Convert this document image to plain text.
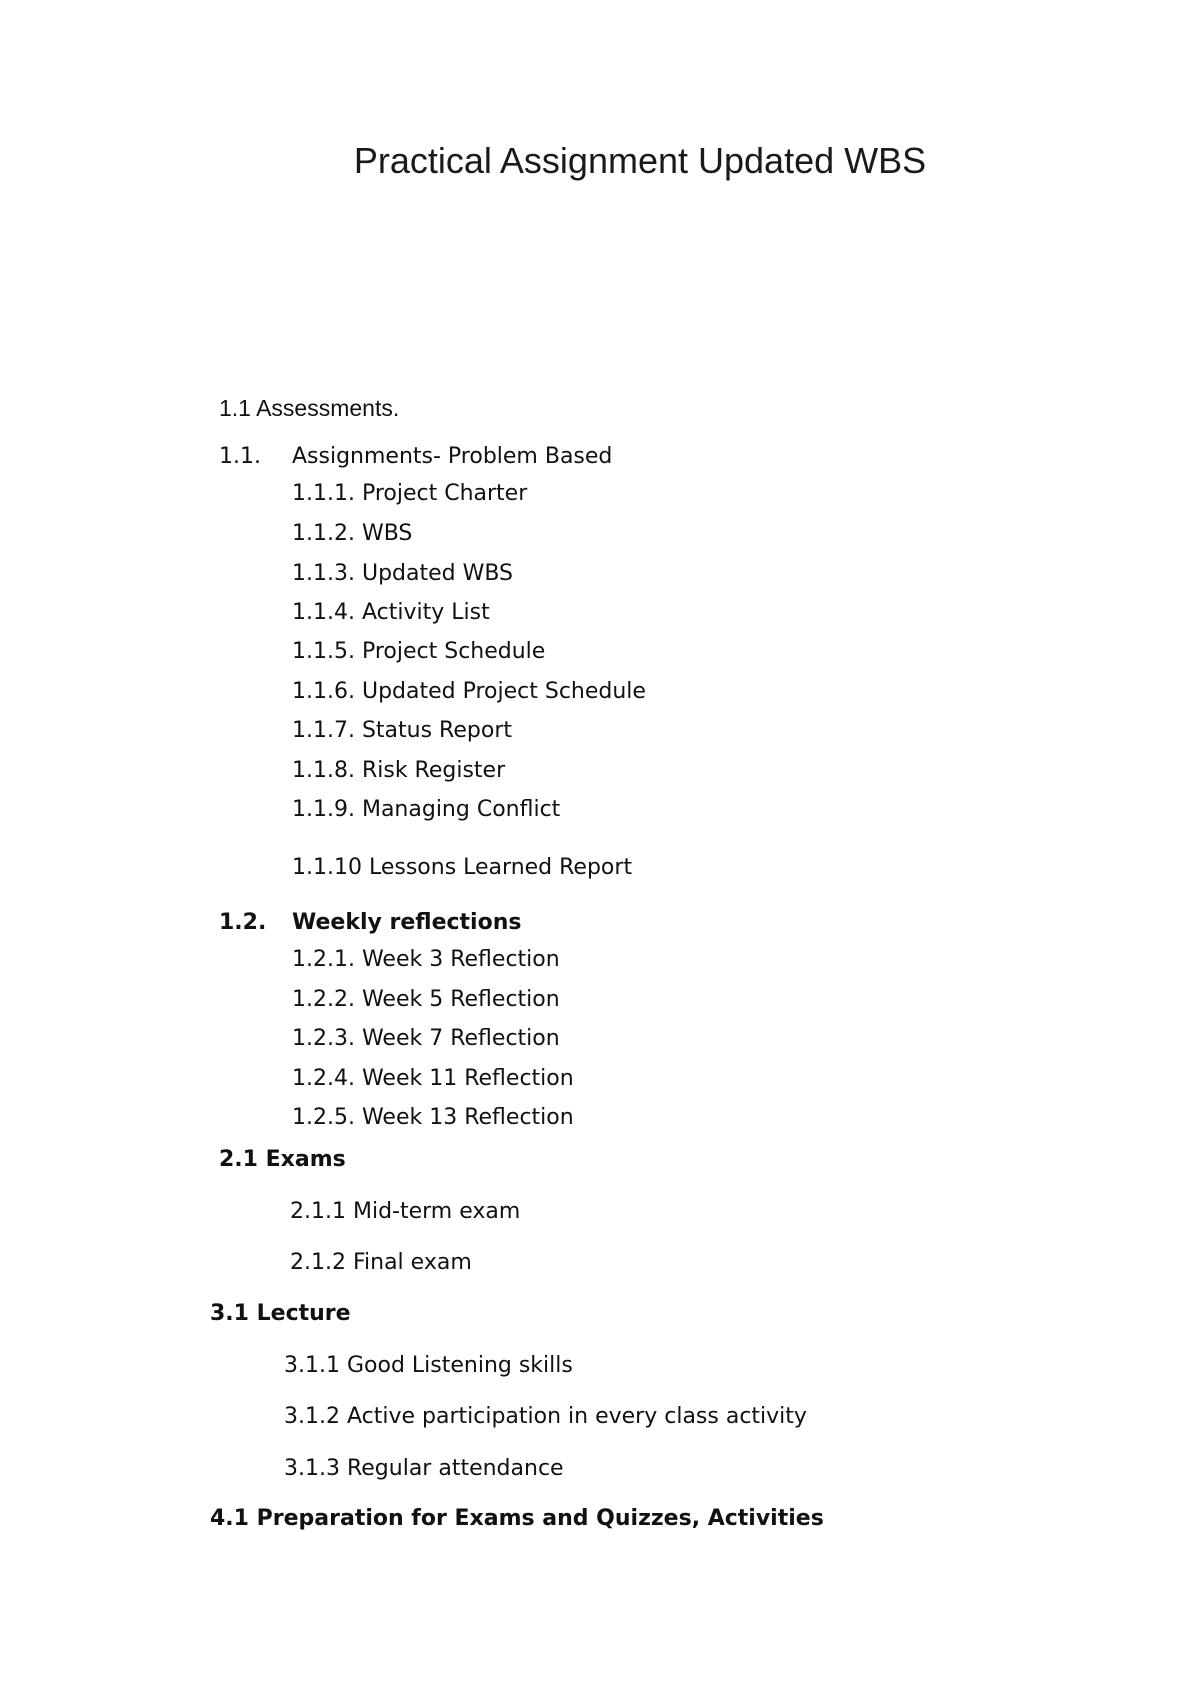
Practical Assignment Updated WBS
1.1 Assessments.
1.1. Assignments- Problem Based
1.1.1. Project Charter
1.1.2. WBS
1.1.3. Updated WBS
1.1.4. Activity List
1.1.5. Project Schedule
1.1.6. Updated Project Schedule
1.1.7. Status Report
1.1.8. Risk Register
1.1.9. Managing Conflict
1.1.10 Lessons Learned Report
1.2. Weekly reflections
1.2.1. Week 3 Reflection
1.2.2. Week 5 Reflection
1.2.3. Week 7 Reflection
1.2.4. Week 11 Reflection
1.2.5. Week 13 Reflection
2.1 Exams
2.1.1 Mid-term exam
2.1.2 Final exam
3.1 Lecture
3.1.1 Good Listening skills
3.1.2 Active participation in every class activity
3.1.3 Regular attendance
4.1 Preparation for Exams and Quizzes, Activities
